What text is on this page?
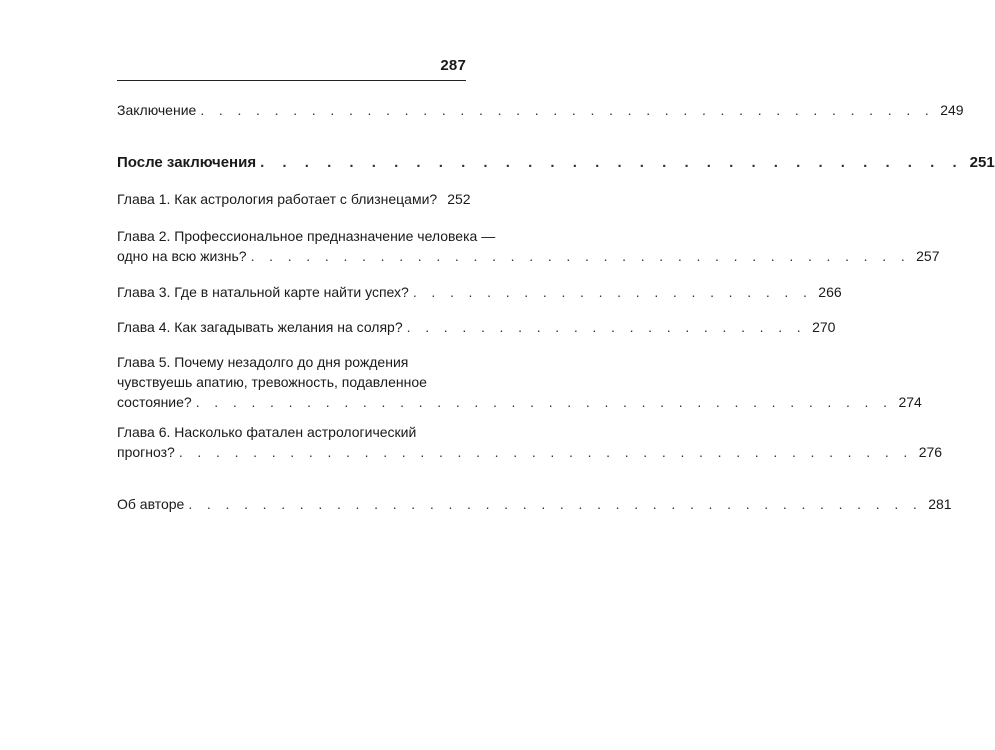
287
Заключение . . . . . . . . . . . . . . . . . . . . . . . . . . . . . . . . . . . . . . . . 249
После заключения . . . . . . . . . . . . . . . . . . . . . . . . . . . . . . . . 251
Глава 1. Как астрология работает с близнецами? 252
Глава 2. Профессиональное предназначение человека —
одно на всю жизнь? . . . . . . . . . . . . . . . . . . . . . . . . . . . . . . . . . . . . 257
Глава 3. Где в натальной карте найти успех? . . . . . . . . . . . . . . . . . . . . . . 266
Глава 4. Как загадывать желания на соляр? . . . . . . . . . . . . . . . . . . . . . . 270
Глава 5. Почему незадолго до дня рождения
чувствуешь апатию, тревожность, подавленное
состояние? . . . . . . . . . . . . . . . . . . . . . . . . . . . . . . . . . . . . . . 274
Глава 6. Насколько фатален астрологический
прогноз? . . . . . . . . . . . . . . . . . . . . . . . . . . . . . . . . . . . . . . . . 276
Об авторе . . . . . . . . . . . . . . . . . . . . . . . . . . . . . . . . . . . . . . . . 281
